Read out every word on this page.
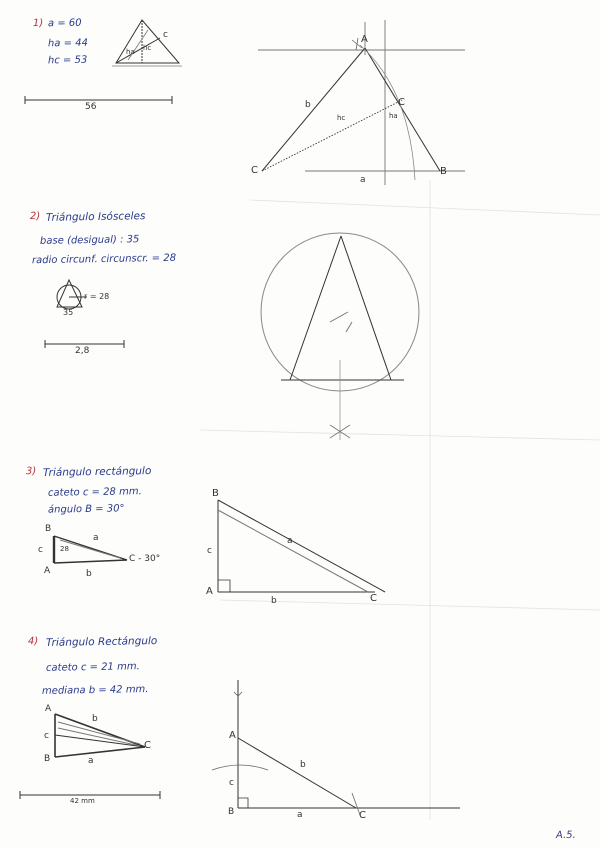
1) a = 60
ha = 44
hc = 53
c
hc
ha
56
A
C
C	B
b
a
hc	ha
2) Triángulo Isósceles
base (desigual) : 35
radio circunf. circunscr. = 28
r = 28
35
2,8
3) Triángulo rectángulo
cateto c = 28 mm.
ángulo B = 30°
B
c 28
a
A	b
C - 30°
B
c
a
A
b	C
4) Triángulo Rectángulo
cateto c = 21 mm.
mediana b = 42 mm.
A
b
c
B	a
C
42 mm
A
b
c
B	a	C
A.5.
